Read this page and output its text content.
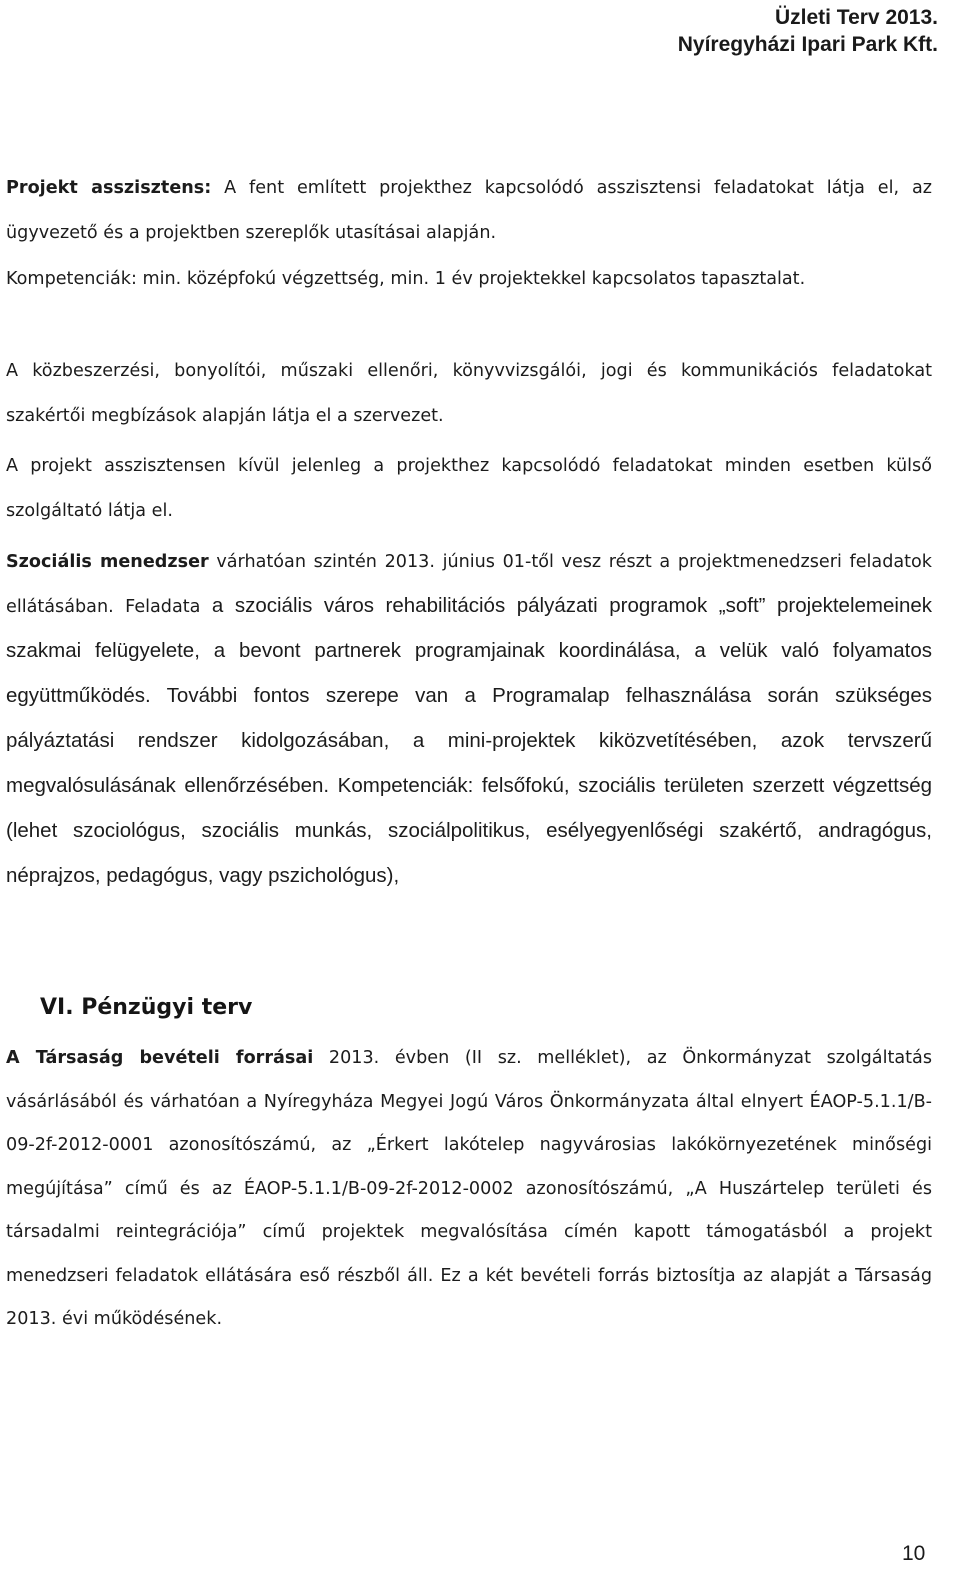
Üzleti Terv 2013.
Nyíregyházi Ipari Park Kft.

Projekt asszisztens: A fent említett projekthez kapcsolódó asszisztensi feladatokat látja el, az ügyvezető és a projektben szereplők utasításai alapján.

Kompetenciák: min. középfokú végzettség, min. 1 év projektekkel kapcsolatos tapasztalat.

A közbeszerzési, bonyolítói, műszaki ellenőri, könyvvizsgálói, jogi és kommunikációs feladatokat szakértői megbízások alapján látja el a szervezet.

A projekt asszisztensen kívül jelenleg a projekthez kapcsolódó feladatokat minden esetben külső szolgáltató látja el.

Szociális menedzser várhatóan szintén 2013. június 01-től vesz részt a projektmenedzseri feladatok ellátásában. Feladata a szociális város rehabilitációs pályázati programok „soft” projektelemeinek szakmai felügyelete, a bevont partnerek programjainak koordinálása, a velük való folyamatos együttműködés. További fontos szerepe van a Programalap felhasználása során szükséges pályáztatási rendszer kidolgozásában, a mini-projektek kiközvetítésében, azok tervszerű megvalósulásának ellenőrzésében. Kompetenciák: felsőfokú, szociális területen szerzett végzettség (lehet szociológus, szociális munkás, szociálpolitikus, esélyegyenlőségi szakértő, andragógus, néprajzos, pedagógus, vagy pszichológus),

VI. Pénzügyi terv

A Társaság bevételi forrásai 2013. évben (II sz. melléklet), az Önkormányzat szolgáltatás vásárlásából és várhatóan a Nyíregyháza Megyei Jogú Város Önkormányzata által elnyert ÉAOP-5.1.1/B-09-2f-2012-0001 azonosítószámú, az „Érkert lakótelep nagyvárosias lakókörnyezetének minőségi megújítása” című és az ÉAOP-5.1.1/B-09-2f-2012-0002 azonosítószámú, „A Huszártelep területi és társadalmi reintegrációja” című projektek megvalósítása címén kapott támogatásból a projekt menedzseri feladatok ellátására eső részből áll. Ez a két bevételi forrás biztosítja az alapját a Társaság 2013. évi működésének.

10
